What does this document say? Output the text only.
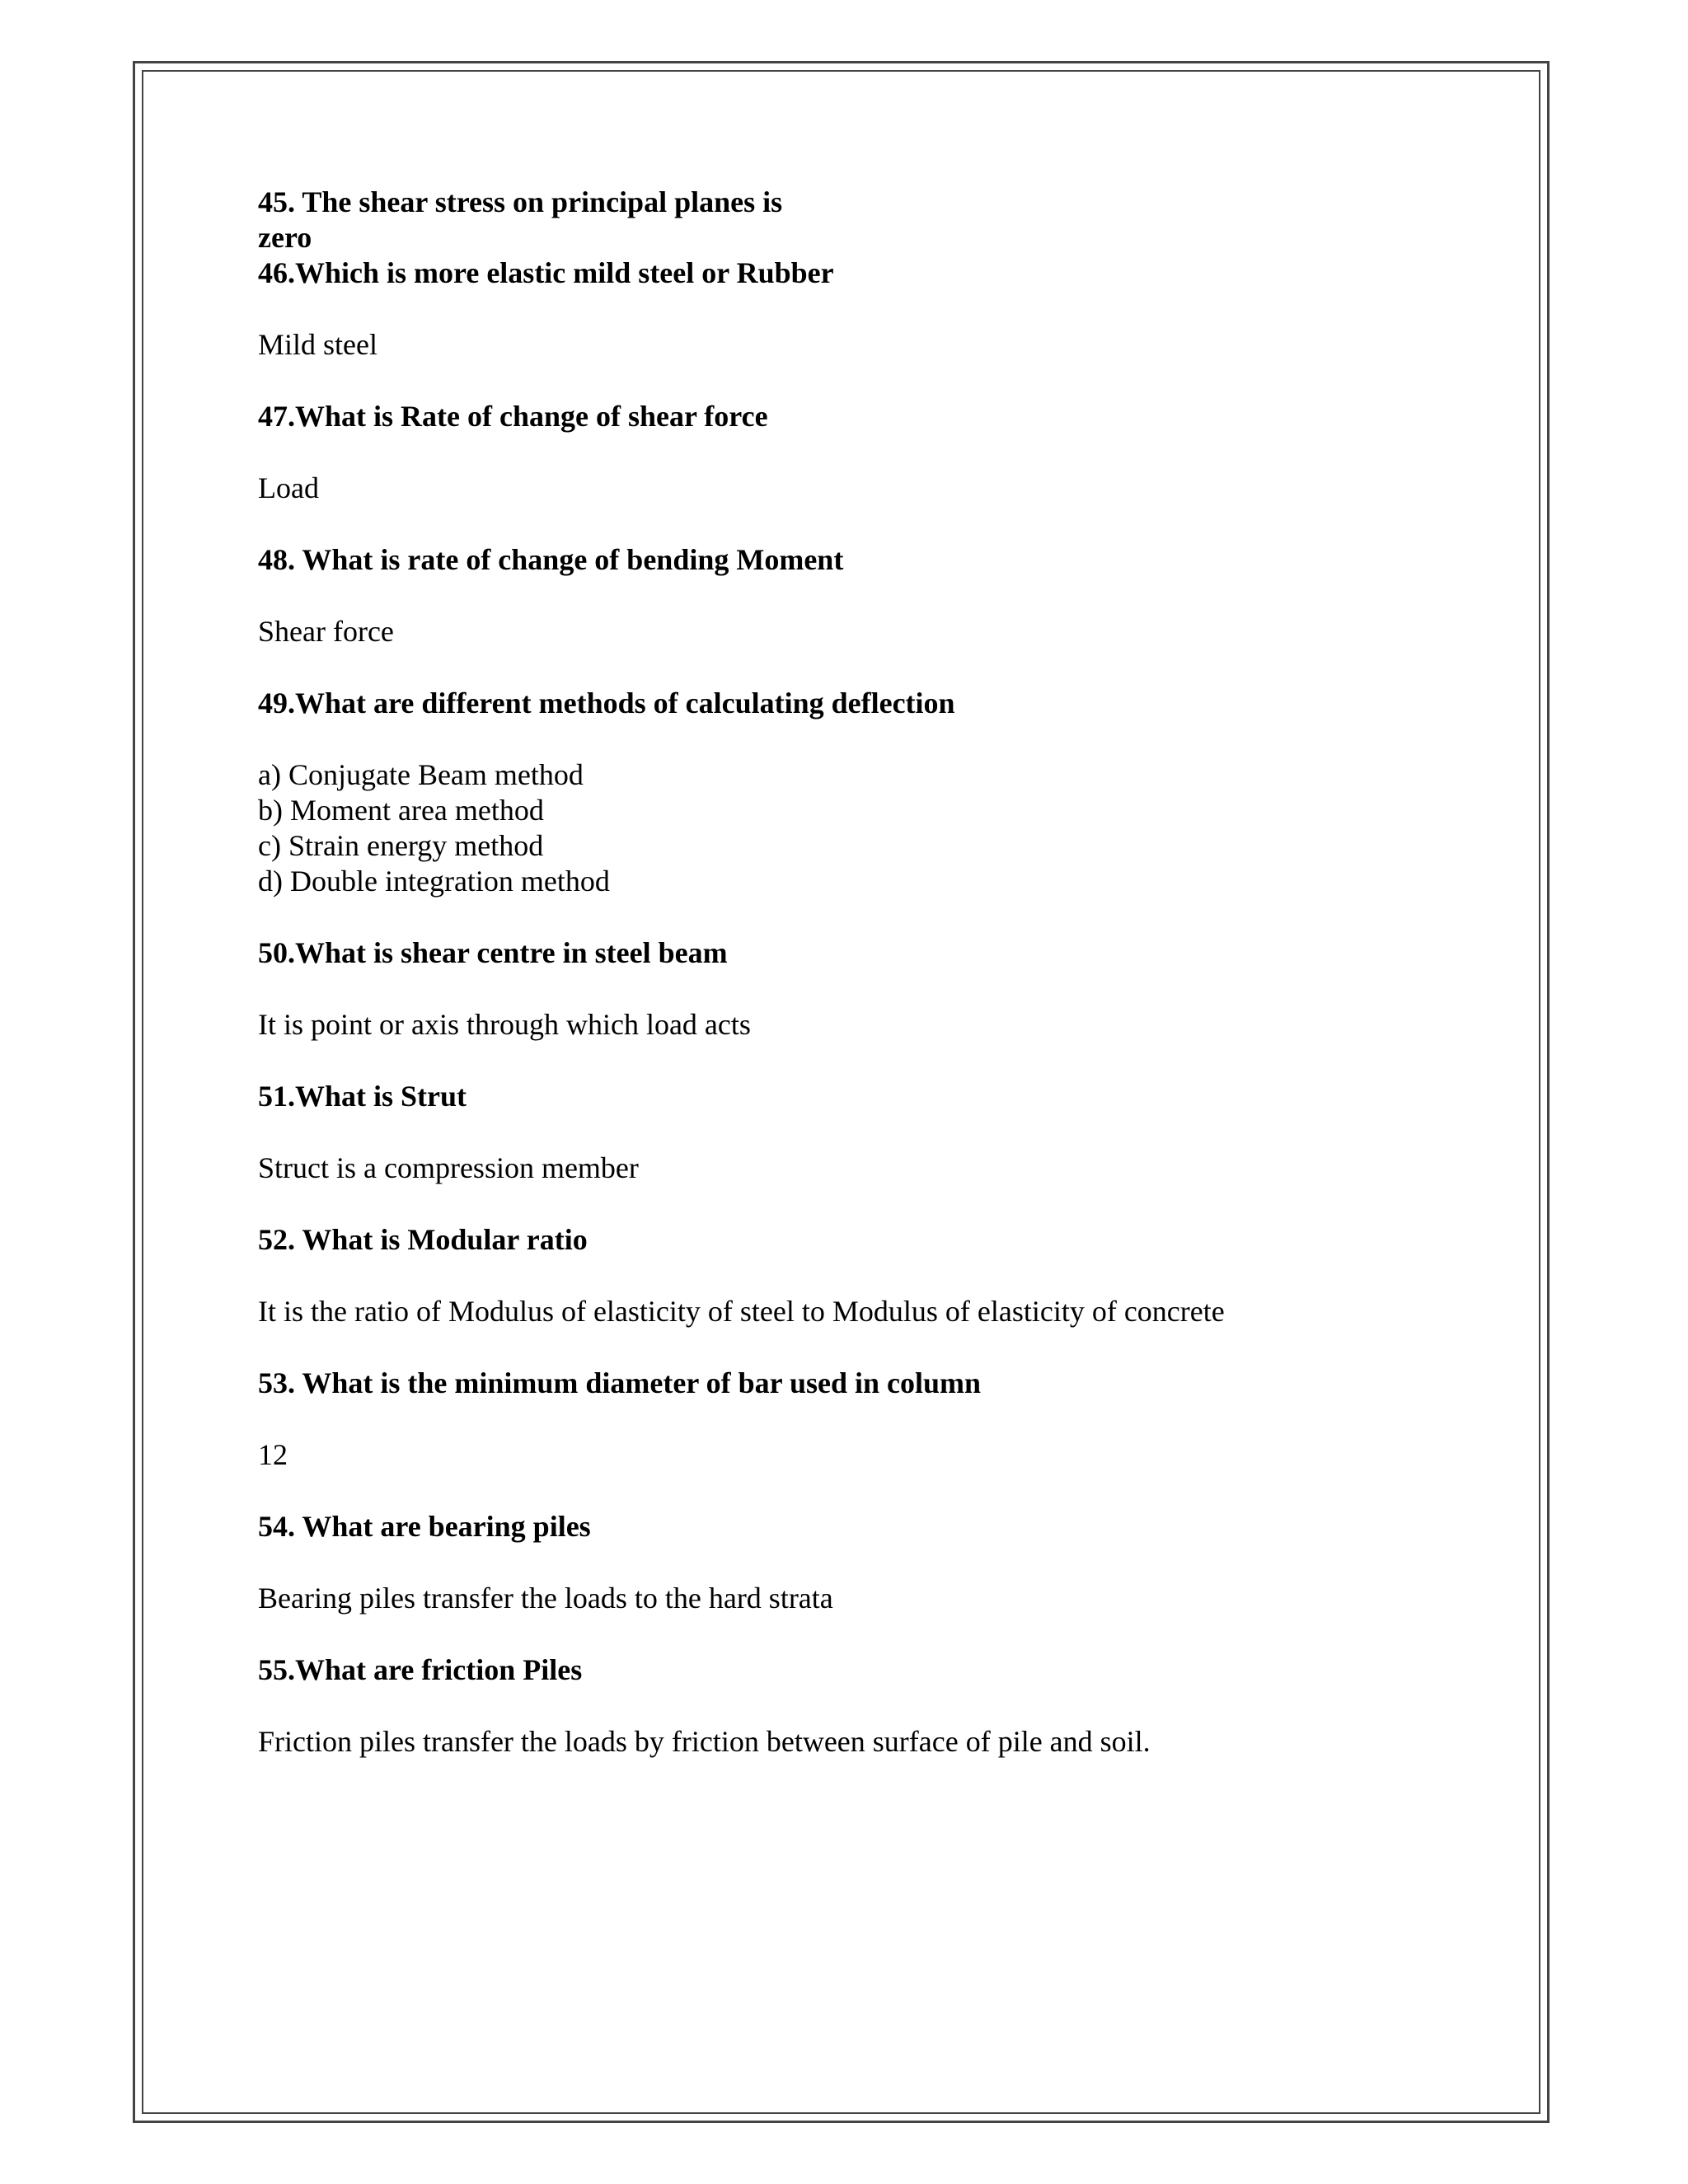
45. The shear stress on principal planes is
zero

46.Which is more elastic mild steel or Rubber

Mild steel

47.What is Rate of change of shear force

Load

48. What is rate of change of bending Moment

Shear force

49.What are different methods of calculating deflection

a) Conjugate Beam method
b) Moment area method
c) Strain energy method
d) Double integration method

50.What is shear centre in steel beam

It is point or axis through which load acts

51.What is Strut

Struct is a compression member

52. What is Modular ratio

It is the ratio of Modulus of elasticity of steel to Modulus of elasticity of concrete

53. What is the minimum diameter of bar used in column

12

54. What are bearing piles

Bearing piles transfer the loads to the hard strata

55.What are friction Piles

Friction piles transfer the loads by friction between surface of pile and soil.
